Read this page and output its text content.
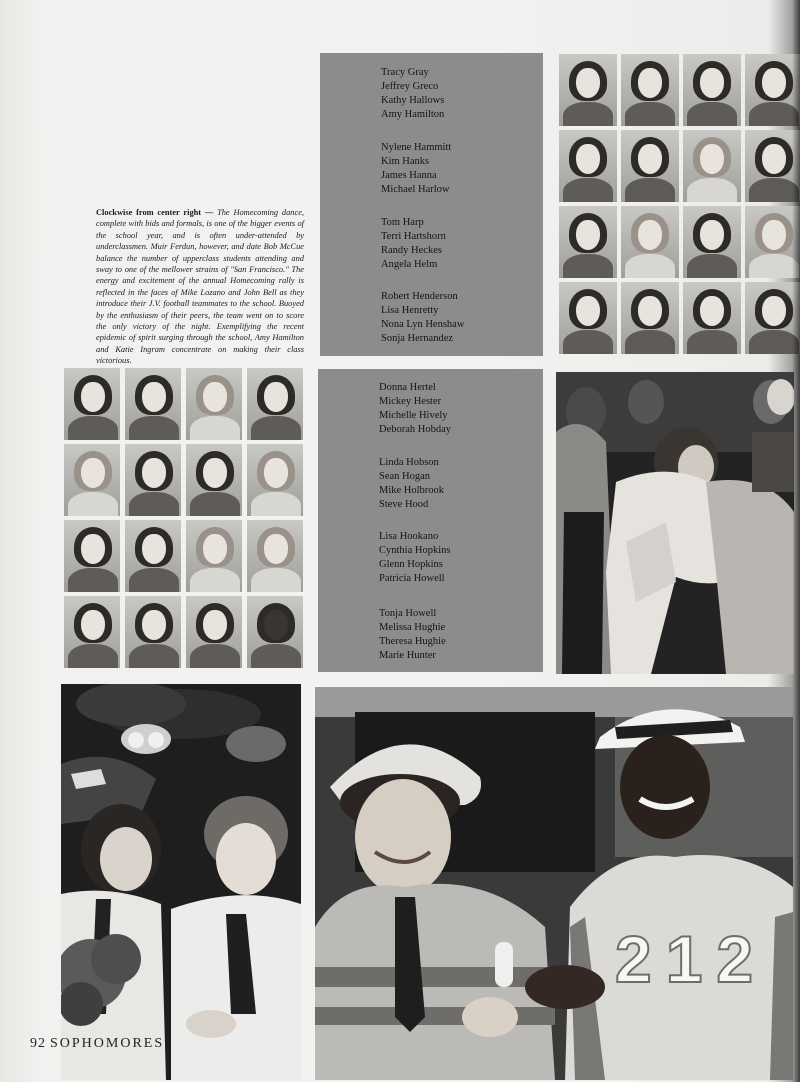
Clockwise from center right — The Homecoming dance, complete with bids and formals, is one of the bigger events of the school year, and is often under-attended by underclassmen. Muir Ferdun, however, and date Bob McCue balance the number of upperclass students attending and sway to one of the mellower strains of "San Francisco." The energy and excitement of the annual Homecoming rally is reflected in the faces of Mike Lozano and John Bell as they introduce their J.V. football teammates to the school. Buoyed by the enthusiasm of their peers, the team went on to score the only victory of the night. Exemplifying the recent epidemic of spirit surging through the school, Amy Hamilton and Katie Ingram concentrate on making their class victorious.
Tracy Gray
Jeffrey Greco
Kathy Hallows
Amy Hamilton
Nylene Hammitt
Kim Hanks
James Hanna
Michael Harlow
Tom Harp
Terri Hartshorn
Randy Heckes
Angela Helm
Robert Henderson
Lisa Henretty
Nona Lyn Henshaw
Sonja Hernandez
Donna Hertel
Mickey Hester
Michelle Hively
Deborah Hobday
Linda Hobson
Sean Hogan
Mike Holbrook
Steve Hood
Lisa Hookano
Cynthia Hopkins
Glenn Hopkins
Patricia Howell
Tonja Howell
Melissa Hughie
Theresa Hughie
Marie Hunter
212
92 SOPHOMORES
